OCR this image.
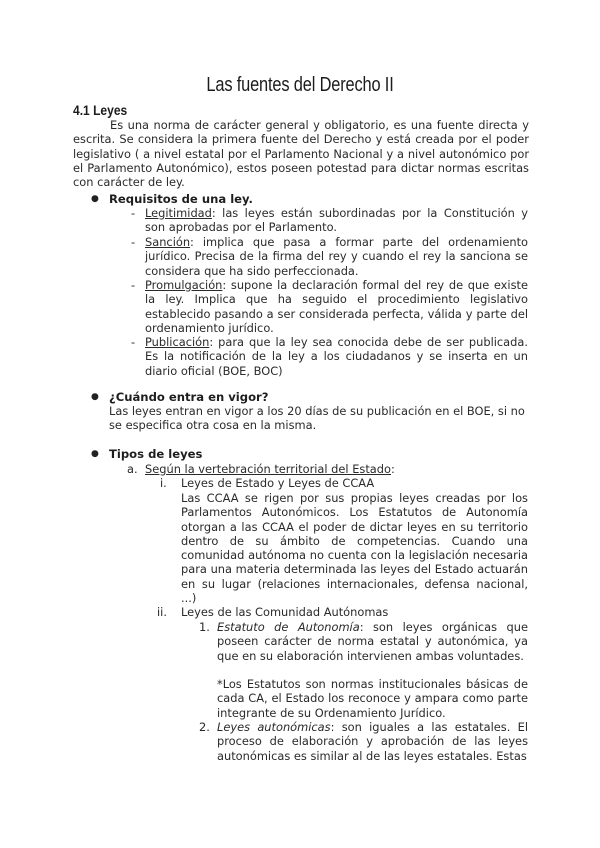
Las fuentes del Derecho II
4.1 Leyes
Es una norma de carácter general y obligatorio, es una fuente directa y escrita. Se considera la primera fuente del Derecho y está creada por el poder legislativo ( a nivel estatal por el Parlamento Nacional y a nivel autonómico por el Parlamento Autonómico), estos poseen potestad para dictar normas escritas con carácter de ley.
● Requisitos de una ley.
- Legitimidad: las leyes están subordinadas por la Constitución y son aprobadas por el Parlamento.
- Sanción: implica que pasa a formar parte del ordenamiento jurídico. Precisa de la firma del rey y cuando el rey la sanciona se considera que ha sido perfeccionada.
- Promulgación: supone la declaración formal del rey de que existe la ley. Implica que ha seguido el procedimiento legislativo establecido pasando a ser considerada perfecta, válida y parte del ordenamiento jurídico.
- Publicación: para que la ley sea conocida debe de ser publicada. Es la notificación de la ley a los ciudadanos y se inserta en un diario oficial (BOE, BOC)
● ¿Cuándo entra en vigor?
Las leyes entran en vigor a los 20 días de su publicación en el BOE, si no se especifica otra cosa en la misma.
● Tipos de leyes
a. Según la vertebración territorial del Estado:
i. Leyes de Estado y Leyes de CCAA
Las CCAA se rigen por sus propias leyes creadas por los Parlamentos Autonómicos. Los Estatutos de Autonomía otorgan a las CCAA el poder de dictar leyes en su territorio dentro de su ámbito de competencias. Cuando una comunidad autónoma no cuenta con la legislación necesaria para una materia determinada las leyes del Estado actuarán en su lugar (relaciones internacionales, defensa nacional, ...)
ii. Leyes de las Comunidad Autónomas
1. Estatuto de Autonomía: son leyes orgánicas que poseen carácter de norma estatal y autonómica, ya que en su elaboración intervienen ambas voluntades.
*Los Estatutos son normas institucionales básicas de cada CA, el Estado los reconoce y ampara como parte integrante de su Ordenamiento Jurídico.
2. Leyes autonómicas: son iguales a las estatales. El proceso de elaboración y aprobación de las leyes autonómicas es similar al de las leyes estatales. Estas
